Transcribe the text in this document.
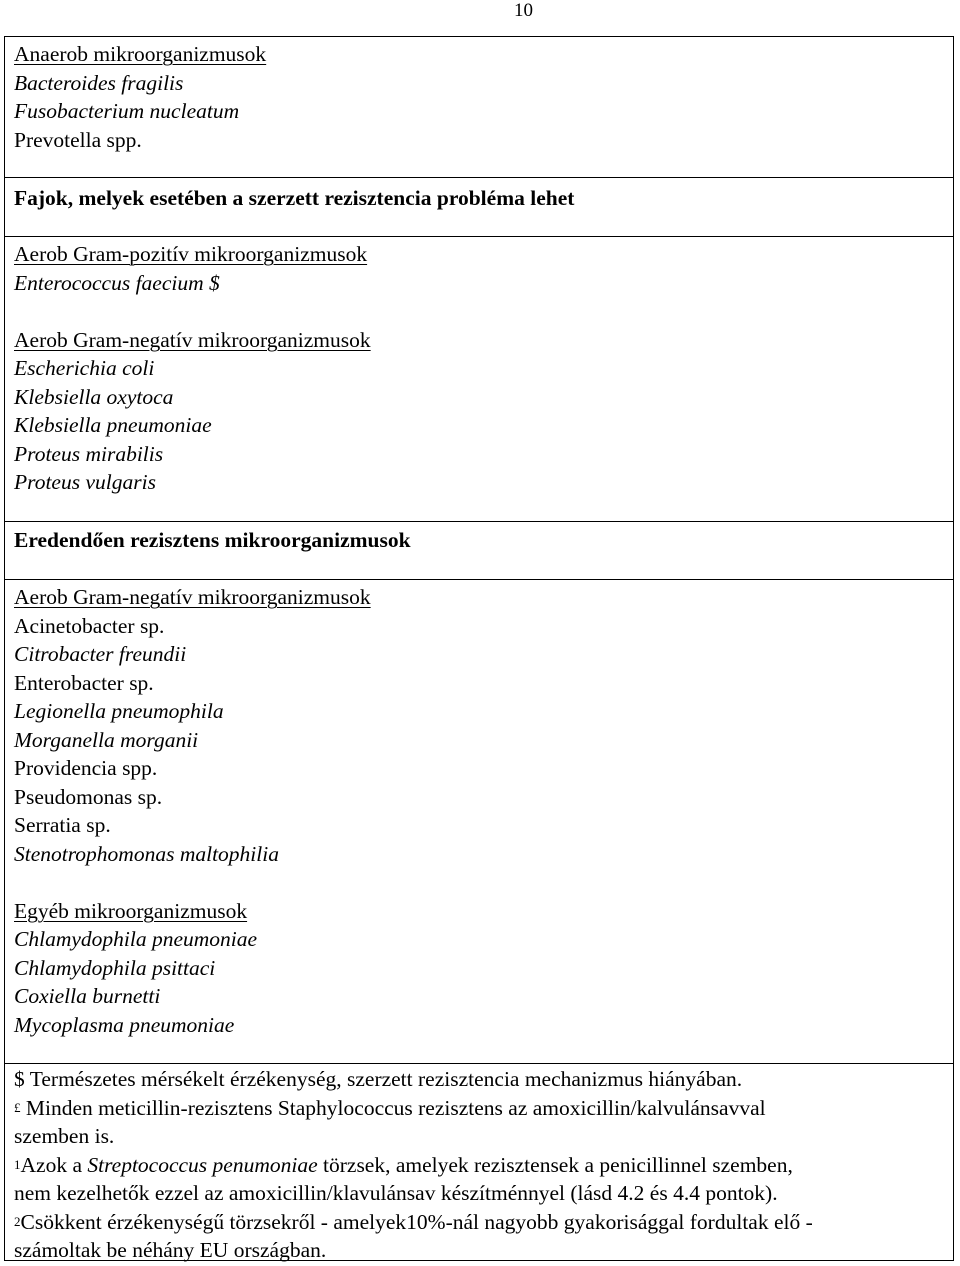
10
Anaerob mikroorganizmusok
Bacteroides fragilis
Fusobacterium nucleatum
Prevotella spp.
Fajok, melyek esetében a szerzett rezisztencia probléma lehet
Aerob Gram-pozitív mikroorganizmusok
Enterococcus faecium $
Aerob Gram-negatív mikroorganizmusok
Escherichia coli
Klebsiella oxytoca
Klebsiella pneumoniae
Proteus mirabilis
Proteus vulgaris
Eredendően rezisztens mikroorganizmusok
Aerob Gram-negatív mikroorganizmusok
Acinetobacter sp.
Citrobacter freundii
Enterobacter sp.
Legionella pneumophila
Morganella morganii
Providencia spp.
Pseudomonas sp.
Serratia sp.
Stenotrophomonas maltophilia
Egyéb mikroorganizmusok
Chlamydophila pneumoniae
Chlamydophila psittaci
Coxiella burnetti
Mycoplasma pneumoniae
$ Természetes mérsékelt érzékenység, szerzett rezisztencia mechanizmus hiányában.
£ Minden meticillin-rezisztens Staphylococcus rezisztens az amoxicillin/kalvulánsavval
szemben is.
$^1$Azok a Streptococcus penumoniae törzsek, amelyek rezisztensek a penicillinnel szemben,
nem kezelhetők ezzel az amoxicillin/klavulánsav készítménnyel (lásd 4.2 és 4.4 pontok).
$^2$Csökkent érzékenységű törzsekről - amelyek10%-nál nagyobb gyakorisággal fordultak elő -
számoltak be néhány EU országban.
